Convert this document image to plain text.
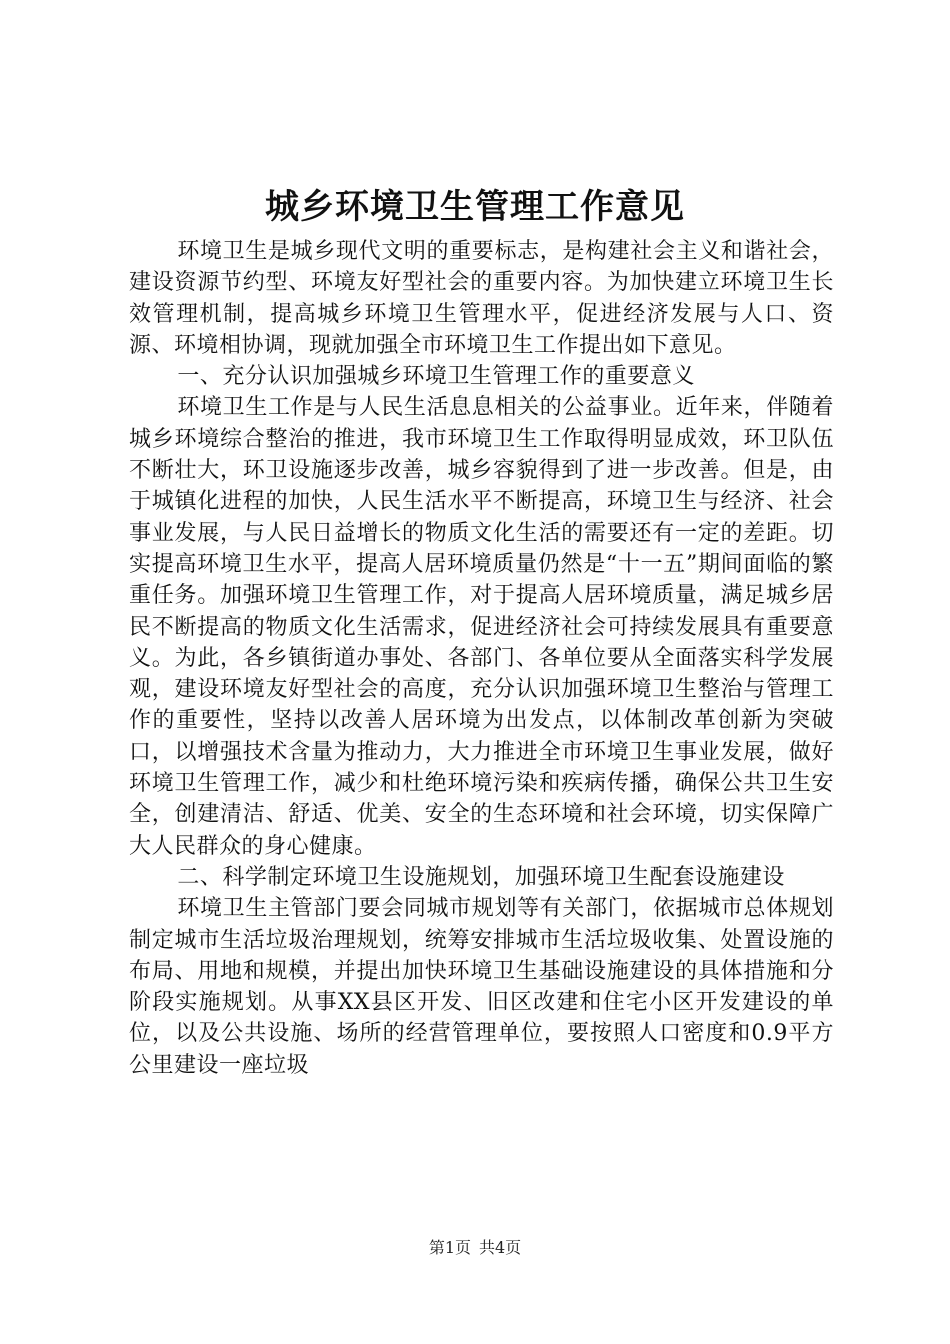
城乡环境卫生管理工作意见

环境卫生是城乡现代文明的重要标志，是构建社会主义和谐社会，建设资源节约型、环境友好型社会的重要内容。为加快建立环境卫生长效管理机制，提高城乡环境卫生管理水平，促进经济发展与人口、资源、环境相协调，现就加强全市环境卫生工作提出如下意见。

一、充分认识加强城乡环境卫生管理工作的重要意义

环境卫生工作是与人民生活息息相关的公益事业。近年来，伴随着城乡环境综合整治的推进，我市环境卫生工作取得明显成效，环卫队伍不断壮大，环卫设施逐步改善，城乡容貌得到了进一步改善。但是，由于城镇化进程的加快，人民生活水平不断提高，环境卫生与经济、社会事业发展，与人民日益增长的物质文化生活的需要还有一定的差距。切实提高环境卫生水平，提高人居环境质量仍然是“十一五”期间面临的繁重任务。加强环境卫生管理工作，对于提高人居环境质量，满足城乡居民不断提高的物质文化生活需求，促进经济社会可持续发展具有重要意义。为此，各乡镇街道办事处、各部门、各单位要从全面落实科学发展观，建设环境友好型社会的高度，充分认识加强环境卫生整治与管理工作的重要性，坚持以改善人居环境为出发点，以体制改革创新为突破口，以增强技术含量为推动力，大力推进全市环境卫生事业发展，做好环境卫生管理工作，减少和杜绝环境污染和疾病传播，确保公共卫生安全，创建清洁、舒适、优美、安全的生态环境和社会环境，切实保障广大人民群众的身心健康。

二、科学制定环境卫生设施规划，加强环境卫生配套设施建设

环境卫生主管部门要会同城市规划等有关部门，依据城市总体规划制定城市生活垃圾治理规划，统筹安排城市生活垃圾收集、处置设施的布局、用地和规模，并提出加快环境卫生基础设施建设的具体措施和分阶段实施规划。从事XX县区开发、旧区改建和住宅小区开发建设的单位，以及公共设施、场所的经营管理单位，要按照人口密度和0.9平方公里建设一座垃圾

第1页 共4页
